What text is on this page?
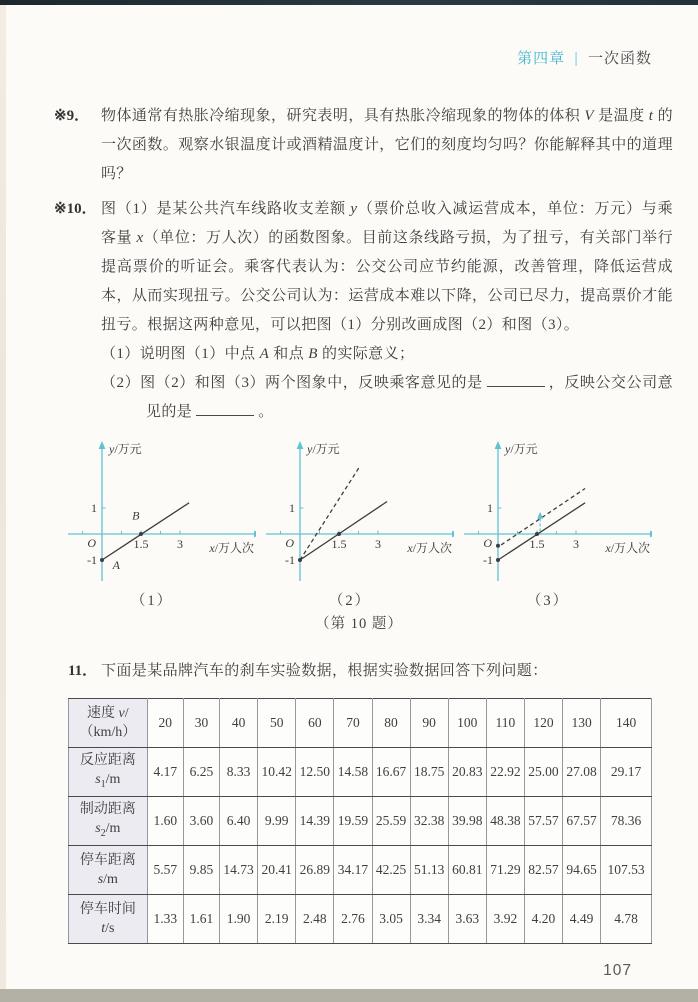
第四章 | 一次函数
※9． 物体通常有热胀冷缩现象，研究表明，具有热胀冷缩现象的物体的体积 V 是温度 t 的一次函数。观察水银温度计或酒精温度计，它们的刻度均匀吗？你能解释其中的道理吗？
※10． 图（1）是某公共汽车线路收支差额 y（票价总收入减运营成本，单位：万元）与乘客量 x（单位：万人次）的函数图象。目前这条线路亏损，为了扭亏，有关部门举行提高票价的听证会。乘客代表认为：公交公司应节约能源，改善管理，降低运营成本，从而实现扭亏。公交公司认为：运营成本难以下降，公司已尽力，提高票价才能扭亏。根据这两种意见，可以把图（1）分别改画成图（2）和图（3）。
（1）说明图（1）中点 A 和点 B 的实际意义；
（2）图（2）和图（3）两个图象中，反映乘客意见的是	，反映公交公司意见的是	。
1.5 3
1
-1
y/万元
x/万人次
O
A
B
（1）
1.5 3
1
-1
y/万元
x/万人次
O
（2）
1.5 3
1
-1
y/万元
x/万人次
O
（3）
（第 10 题）
11． 下面是某品牌汽车的刹车实验数据，根据实验数据回答下列问题：
速度 v/
（km/h）	20	30	40	50	60	70	80	90	100	110	120	130	140

反应距离
$s_1/m$	4.17	6.25	8.33	10.42	12.50	14.58	16.67	18.75	20.83	22.92	25.00	27.08	29.17

制动距离
$s_2/m$	1.60	3.60	6.40	9.99	14.39	19.59	25.59	32.38	39.98	48.38	57.57	67.57	78.36

停车距离
s/m	5.57	9.85	14.73	20.41	26.89	34.17	42.25	51.13	60.81	71.29	82.57	94.65	107.53

停车时间
t/s	1.33	1.61	1.90	2.19	2.48	2.76	3.05	3.34	3.63	3.92	4.20	4.49	4.78
107
